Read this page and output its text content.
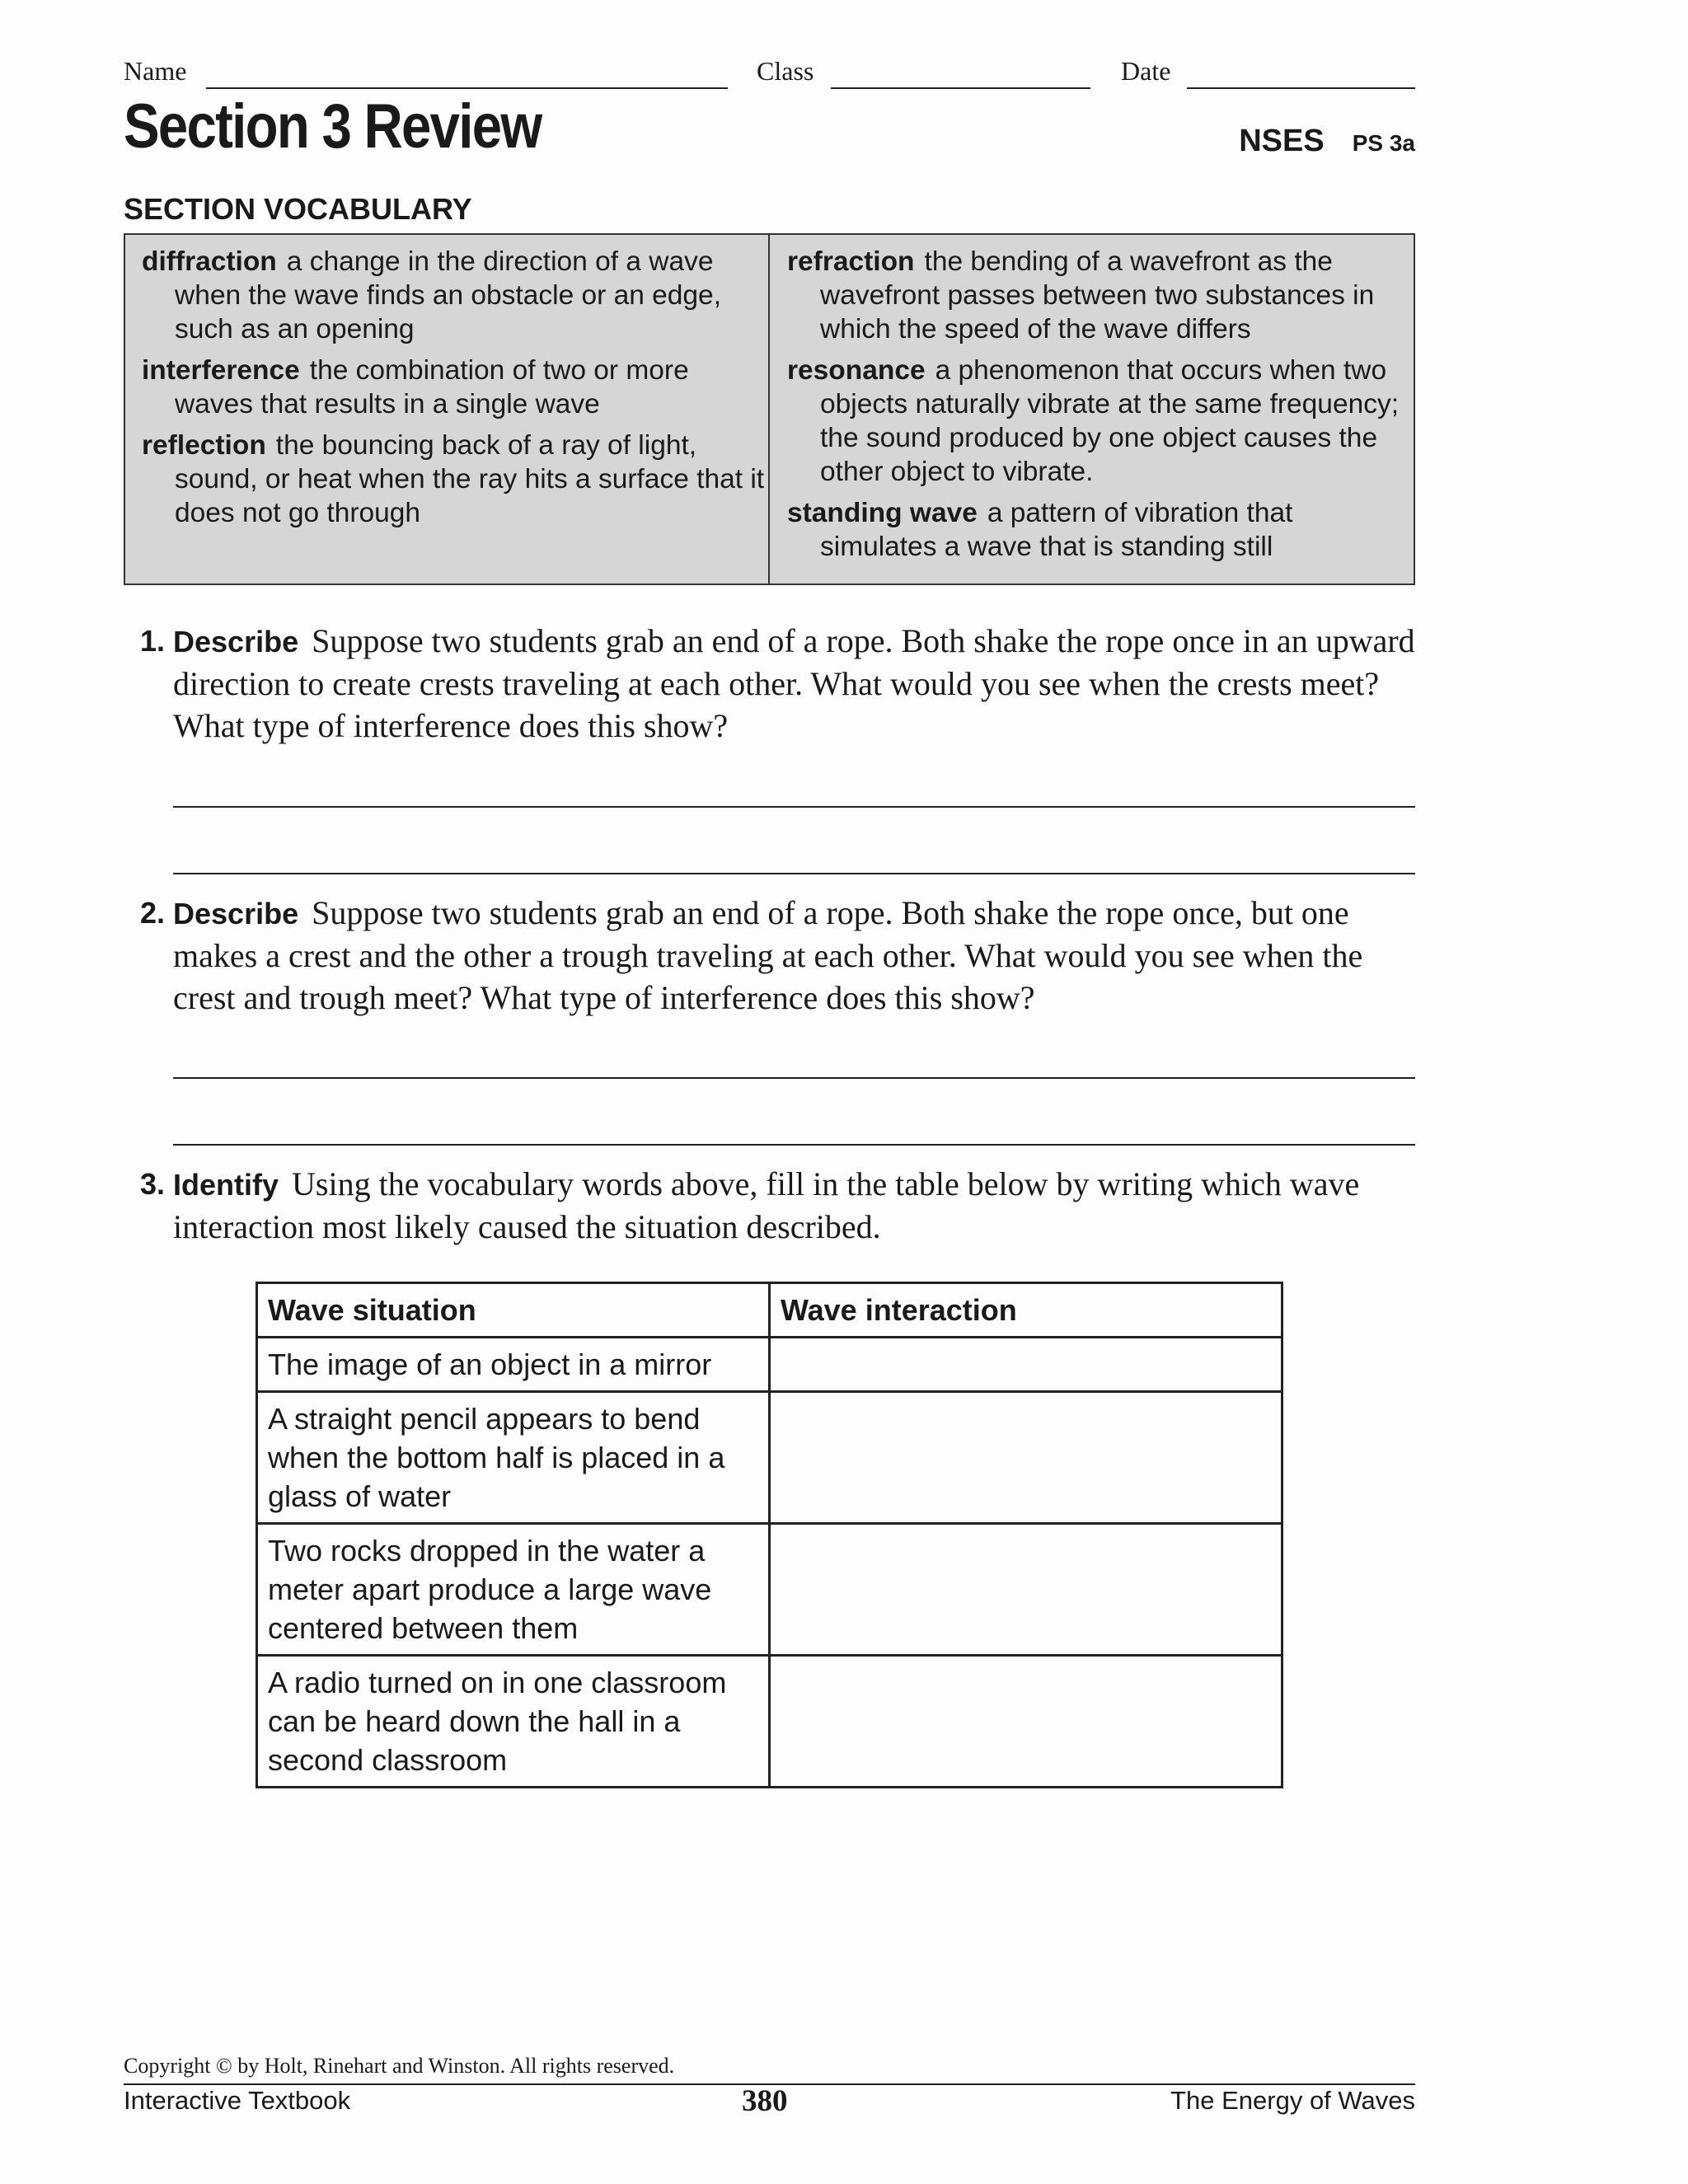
Name	Class	Date
Section 3 Review	NSES PS 3a
SECTION VOCABULARY
diffraction a change in the direction of a wave when the wave finds an obstacle or an edge, such as an opening
interference the combination of two or more waves that results in a single wave
reflection the bouncing back of a ray of light, sound, or heat when the ray hits a surface that it does not go through
refraction the bending of a wavefront as the wavefront passes between two substances in which the speed of the wave differs
resonance a phenomenon that occurs when two objects naturally vibrate at the same frequency; the sound produced by one object causes the other object to vibrate.
standing wave a pattern of vibration that simulates a wave that is standing still
1. Describe Suppose two students grab an end of a rope. Both shake the rope once in an upward direction to create crests traveling at each other. What would you see when the crests meet? What type of interference does this show?
2. Describe Suppose two students grab an end of a rope. Both shake the rope once, but one makes a crest and the other a trough traveling at each other. What would you see when the crest and trough meet? What type of interference does this show?
3. Identify Using the vocabulary words above, fill in the table below by writing which wave interaction most likely caused the situation described.
Wave situation	Wave interaction
The image of an object in a mirror	
A straight pencil appears to bend when the bottom half is placed in a glass of water	
Two rocks dropped in the water a meter apart produce a large wave centered between them	
A radio turned on in one classroom can be heard down the hall in a second classroom	
Copyright © by Holt, Rinehart and Winston. All rights reserved.
Interactive Textbook	380	The Energy of Waves
